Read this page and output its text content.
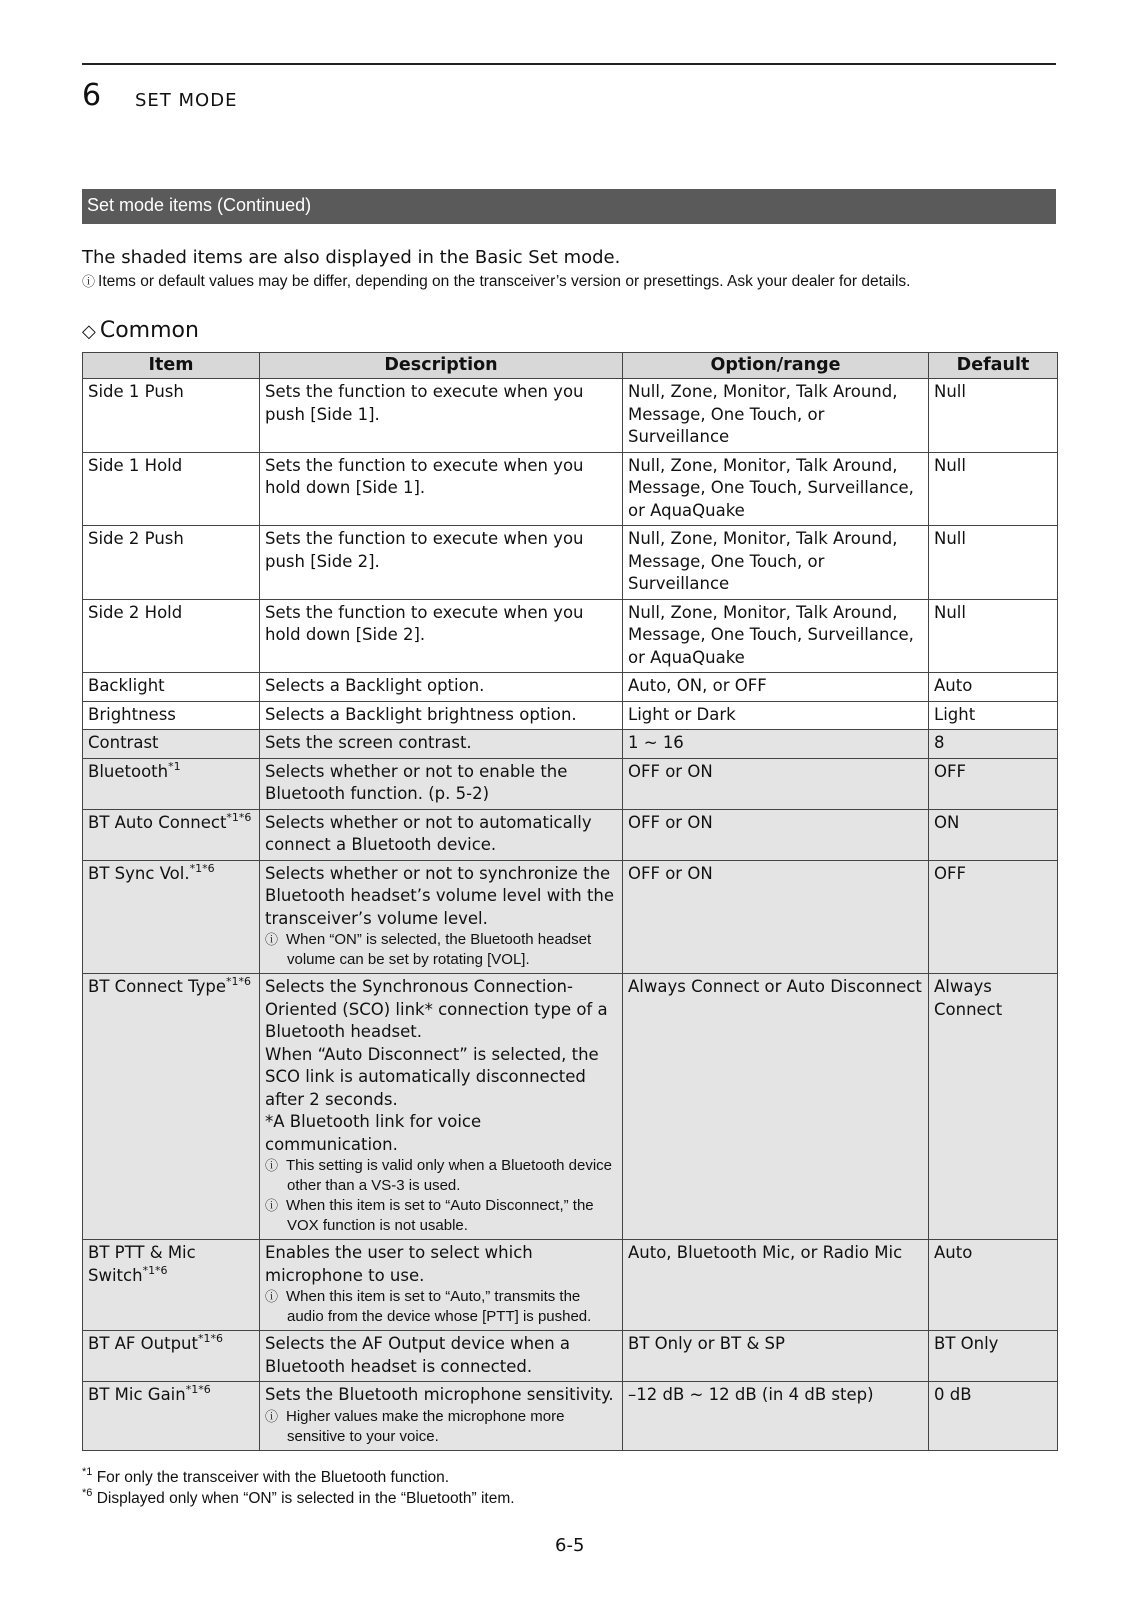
6 SET MODE
Set mode items (Continued)
The shaded items are also displayed in the Basic Set mode.
ⓘ Items or default values may be differ, depending on the transceiver’s version or presettings. Ask your dealer for details.
◇ Common
Item	Description	Option/range	Default
Side 1 Push	Sets the function to execute when you push [Side 1].	Null, Zone, Monitor, Talk Around, Message, One Touch, or Surveillance	Null
Side 1 Hold	Sets the function to execute when you hold down [Side 1].	Null, Zone, Monitor, Talk Around, Message, One Touch, Surveillance, or AquaQuake	Null
Side 2 Push	Sets the function to execute when you push [Side 2].	Null, Zone, Monitor, Talk Around, Message, One Touch, or Surveillance	Null
Side 2 Hold	Sets the function to execute when you hold down [Side 2].	Null, Zone, Monitor, Talk Around, Message, One Touch, Surveillance, or AquaQuake	Null
Backlight	Selects a Backlight option.	Auto, ON, or OFF	Auto
Brightness	Selects a Backlight brightness option.	Light or Dark	Light
Contrast	Sets the screen contrast.	1 ~ 16	8
Bluetooth$^{*1}$	Selects whether or not to enable the Bluetooth function. (p. 5-2)	OFF or ON	OFF
BT Auto Connect$^{*1*6}$	Selects whether or not to automatically connect a Bluetooth device.	OFF or ON	ON
BT Sync Vol.$^{*1*6}$	Selects whether or not to synchronize the Bluetooth headset’s volume level with the transceiver’s volume level.
ⓘ When “ON” is selected, the Bluetooth headset volume can be set by rotating [VOL].	OFF or ON	OFF
BT Connect Type$^{*1*6}$	Selects the Synchronous Connection-Oriented (SCO) link* connection type of a Bluetooth headset.
When “Auto Disconnect” is selected, the SCO link is automatically disconnected after 2 seconds.
*A Bluetooth link for voice communication.
ⓘ This setting is valid only when a Bluetooth device other than a VS-3 is used.
ⓘ When this item is set to “Auto Disconnect,” the VOX function is not usable.	Always Connect or Auto Disconnect	Always Connect
BT PTT & Mic Switch$^{*1*6}$	Enables the user to select which microphone to use.
ⓘ When this item is set to “Auto,” transmits the audio from the device whose [PTT] is pushed.	Auto, Bluetooth Mic, or Radio Mic	Auto
BT AF Output$^{*1*6}$	Selects the AF Output device when a Bluetooth headset is connected.	BT Only or BT & SP	BT Only
BT Mic Gain$^{*1*6}$	Sets the Bluetooth microphone sensitivity.
ⓘ Higher values make the microphone more sensitive to your voice.	–12 dB ~ 12 dB (in 4 dB step)	0 dB
$^{*1}$ For only the transceiver with the Bluetooth function.
$^{*6}$ Displayed only when “ON” is selected in the “Bluetooth” item.
6-5
